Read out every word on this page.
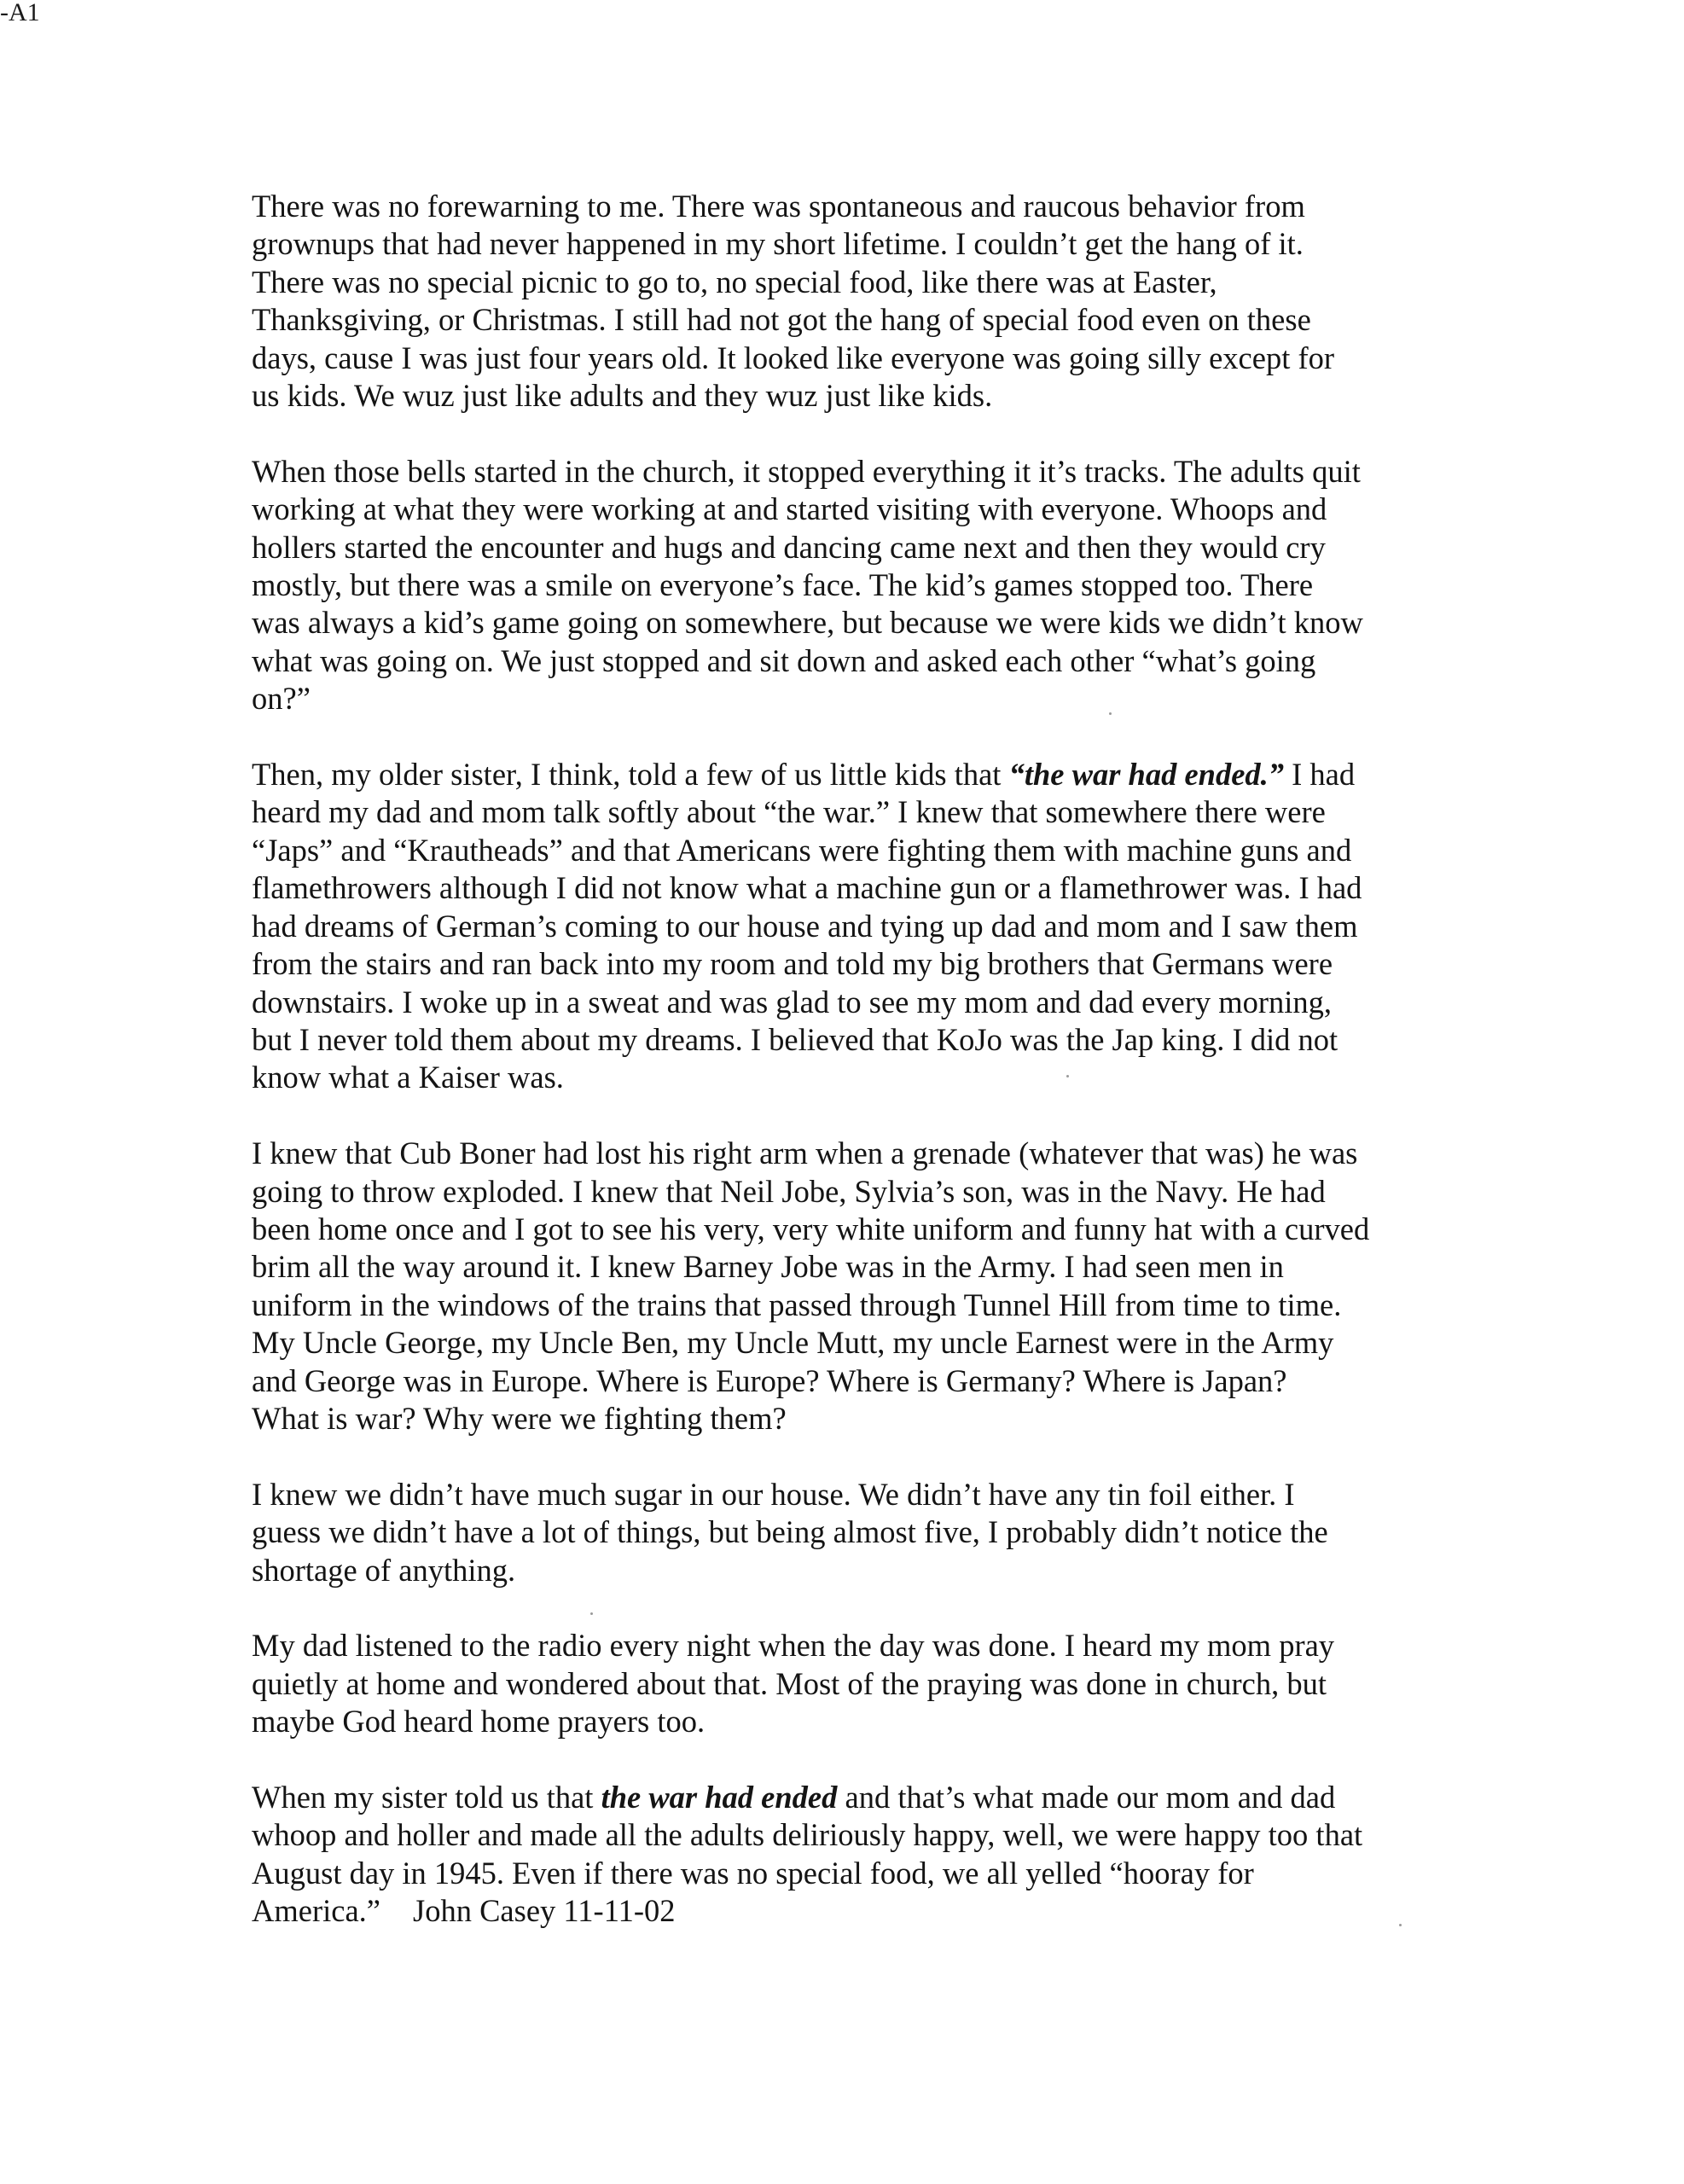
-A1

There was no forewarning to me. There was spontaneous and raucous behavior from
grownups that had never happened in my short lifetime. I couldn’t get the hang of it.
There was no special picnic to go to, no special food, like there was at Easter,
Thanksgiving, or Christmas. I still had not got the hang of special food even on these
days, cause I was just four years old. It looked like everyone was going silly except for
us kids. We wuz just like adults and they wuz just like kids.

When those bells started in the church, it stopped everything it it’s tracks. The adults quit
working at what they were working at and started visiting with everyone. Whoops and
hollers started the encounter and hugs and dancing came next and then they would cry
mostly, but there was a smile on everyone’s face. The kid’s games stopped too. There
was always a kid’s game going on somewhere, but because we were kids we didn’t know
what was going on. We just stopped and sit down and asked each other “what’s going
on?”

Then, my older sister, I think, told a few of us little kids that “the war had ended.” I had
heard my dad and mom talk softly about “the war.” I knew that somewhere there were
“Japs” and “Krautheads” and that Americans were fighting them with machine guns and
flamethrowers although I did not know what a machine gun or a flamethrower was. I had
had dreams of German’s coming to our house and tying up dad and mom and I saw them
from the stairs and ran back into my room and told my big brothers that Germans were
downstairs. I woke up in a sweat and was glad to see my mom and dad every morning,
but I never told them about my dreams. I believed that KoJo was the Jap king. I did not
know what a Kaiser was.

I knew that Cub Boner had lost his right arm when a grenade (whatever that was) he was
going to throw exploded. I knew that Neil Jobe, Sylvia’s son, was in the Navy. He had
been home once and I got to see his very, very white uniform and funny hat with a curved
brim all the way around it. I knew Barney Jobe was in the Army. I had seen men in
uniform in the windows of the trains that passed through Tunnel Hill from time to time.
My Uncle George, my Uncle Ben, my Uncle Mutt, my uncle Earnest were in the Army
and George was in Europe. Where is Europe? Where is Germany? Where is Japan?
What is war? Why were we fighting them?

I knew we didn’t have much sugar in our house. We didn’t have any tin foil either. I
guess we didn’t have a lot of things, but being almost five, I probably didn’t notice the
shortage of anything.

My dad listened to the radio every night when the day was done. I heard my mom pray
quietly at home and wondered about that. Most of the praying was done in church, but
maybe God heard home prayers too.

When my sister told us that the war had ended and that’s what made our mom and dad
whoop and holler and made all the adults deliriously happy, well, we were happy too that
August day in 1945. Even if there was no special food, we all yelled “hooray for
America.” John Casey 11-11-02
